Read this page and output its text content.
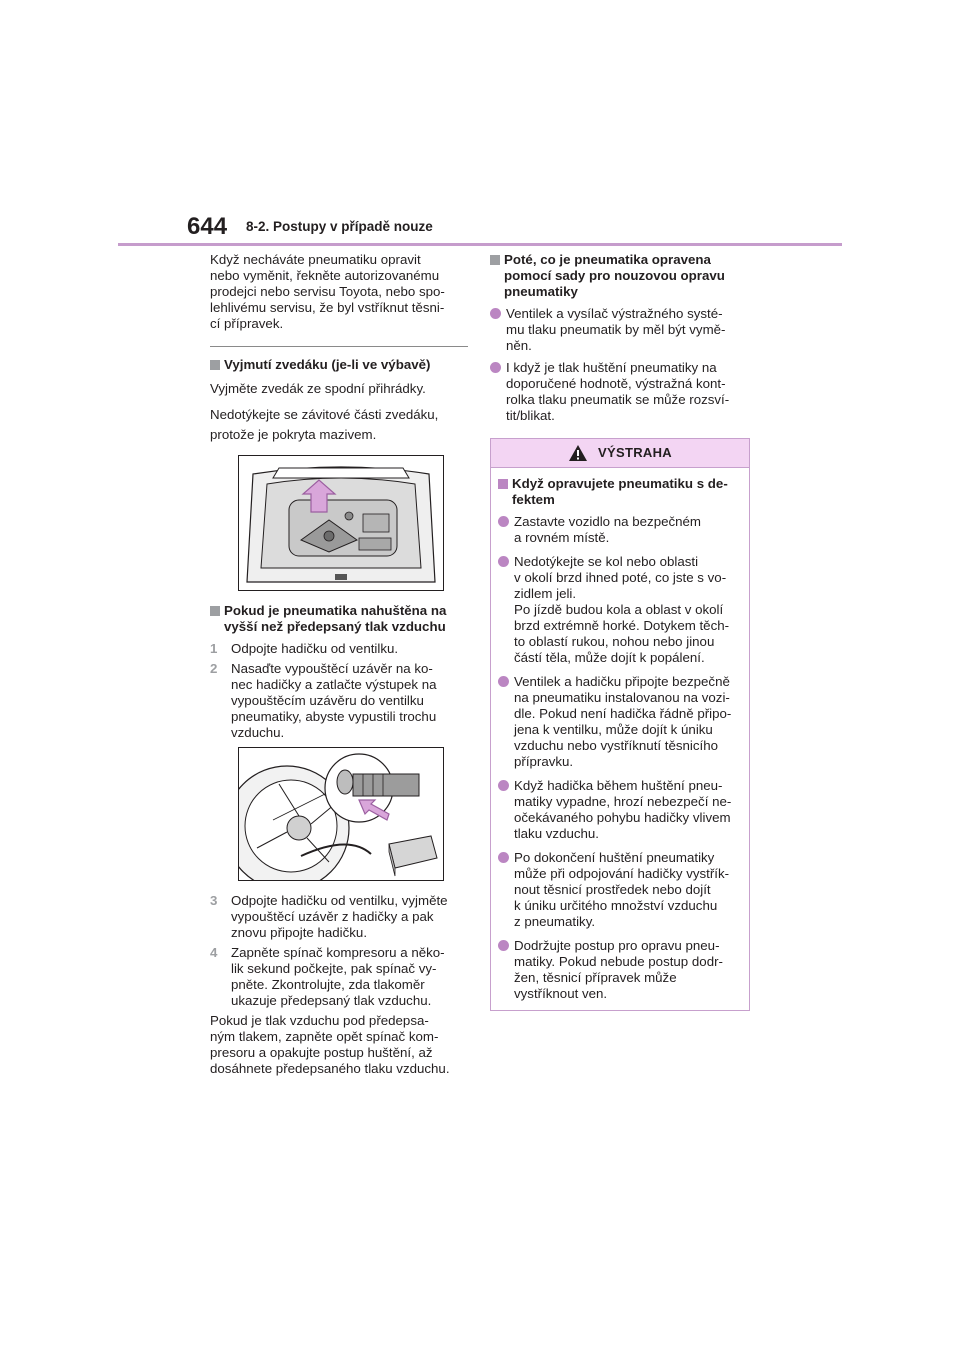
644 8-2. Postupy v případě nouze

Když necháváte pneumatiku opravit
nebo vyměnit, řekněte autorizovanému
prodejci nebo servisu Toyota, nebo spo-
lehlivému servisu, že byl vstříknut těsni-
cí přípravek.

Vyjmutí zvedáku (je-li ve výbavě)

Vyjměte zvedák ze spodní přihrádky.

Nedotýkejte se závitové části zvedáku,
protože je pokryta mazivem.

Pokud je pneumatika nahuštěna na
vyšší než předepsaný tlak vzduchu
1 Odpojte hadičku od ventilku.
2 Nasaďte vypouštěcí uzávěr na ko-
nec hadičky a zatlačte výstupek na
vypouštěcím uzávěru do ventilku
pneumatiky, abyste vypustili trochu
vzduchu.
3 Odpojte hadičku od ventilku, vyjměte
vypouštěcí uzávěr z hadičky a pak
znovu připojte hadičku.
4 Zapněte spínač kompresoru a něko-
lik sekund počkejte, pak spínač vy-
pněte. Zkontrolujte, zda tlakoměr
ukazuje předepsaný tlak vzduchu.

Pokud je tlak vzduchu pod předepsa-
ným tlakem, zapněte opět spínač kom-
presoru a opakujte postup huštění, až
dosáhnete předepsaného tlaku vzduchu.

Poté, co je pneumatika opravena
pomocí sady pro nouzovou opravu
pneumatiky
Ventilek a vysílač výstražného systé-
mu tlaku pneumatik by měl být vymě-
něn.
I když je tlak huštění pneumatiky na
doporučené hodnotě, výstražná kont-
rolka tlaku pneumatik se může rozsví-
tit/blikat.
VÝSTRAHA
Když opravujete pneumatiku s de-
fektem
Zastavte vozidlo na bezpečném
a rovném místě.
Nedotýkejte se kol nebo oblasti
v okolí brzd ihned poté, co jste s vo-
zidlem jeli.
Po jízdě budou kola a oblast v okolí
brzd extrémně horké. Dotykem těch-
to oblastí rukou, nohou nebo jinou
částí těla, může dojít k popálení.
Ventilek a hadičku připojte bezpečně
na pneumatiku instalovanou na vozi-
dle. Pokud není hadička řádně připo-
jena k ventilku, může dojít k úniku
vzduchu nebo vystříknutí těsnicího
přípravku.
Když hadička během huštění pneu-
matiky vypadne, hrozí nebezpečí ne-
očekávaného pohybu hadičky vlivem
tlaku vzduchu.
Po dokončení huštění pneumatiky
může při odpojování hadičky vystřík-
nout těsnicí prostředek nebo dojít
k úniku určitého množství vzduchu
z pneumatiky.
Dodržujte postup pro opravu pneu-
matiky. Pokud nebude postup dodr-
žen, těsnicí přípravek může
vystříknout ven.
